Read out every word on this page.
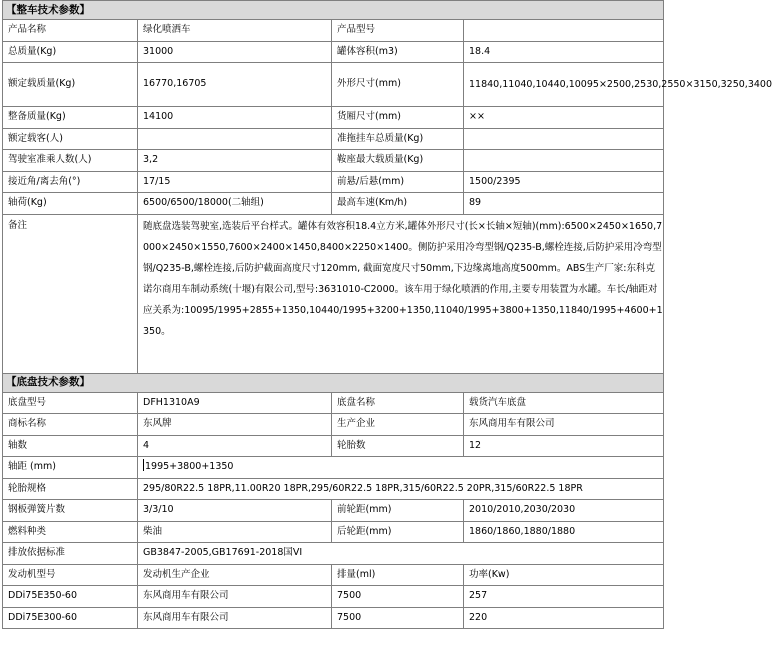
【整车技术参数】			
产品名称	绿化喷洒车	产品型号	
总质量(Kg)	31000	罐体容积(m3)	18.4
额定载质量(Kg)	16770,16705	外形尺寸(mm)	11840,11040,10440,10095×2500,2530,2550×3150,3250,3400
整备质量(Kg)	14100	货厢尺寸(mm)	××
额定载客(人)		准拖挂车总质量(Kg)	
驾驶室准乘人数(人)	3,2	鞍座最大载质量(Kg)	
接近角/离去角(°)	17/15	前悬/后悬(mm)	1500/2395
轴荷(Kg)	6500/6500/18000(二轴组)	最高车速(Km/h)	89
备注	随底盘选装驾驶室,选装后平台样式。罐体有效容积18.4立方米,罐体外形尺寸(长×长轴×短轴)(mm):6500×2450×1650,7000×2450×1550,7600×2400×1450,8400×2250×1400。侧防护采用冷弯型钢/Q235-B,螺栓连接,后防护采用冷弯型钢/Q235-B,螺栓连接,后防护截面高度尺寸120mm, 截面宽度尺寸50mm,下边缘离地高度500mm。ABS生产厂家:东科克诺尔商用车制动系统(十堰)有限公司,型号:3631010-C2000。该车用于绿化喷洒的作用,主要专用装置为水罐。车长/轴距对应关系为:10095/1995+2855+1350,10440/1995+3200+1350,11040/1995+3800+1350,11840/1995+4600+1350。		
【底盘技术参数】			
底盘型号	DFH1310A9	底盘名称	载货汽车底盘
商标名称	东风牌	生产企业	东风商用车有限公司
轴数	4	轮胎数	12
轴距 (mm)	1995+3800+1350		
轮胎规格	295/80R22.5 18PR,11.00R20 18PR,295/60R22.5 18PR,315/60R22.5 20PR,315/60R22.5 18PR		
钢板弹簧片数	3/3/10	前轮距(mm)	2010/2010,2030/2030
燃料种类	柴油	后轮距(mm)	1860/1860,1880/1880
排放依据标准	GB3847-2005,GB17691-2018国VI		
发动机型号	发动机生产企业	排量(ml)	功率(Kw)
DDi75E350-60	东风商用车有限公司	7500	257
DDi75E300-60	东风商用车有限公司	7500	220
